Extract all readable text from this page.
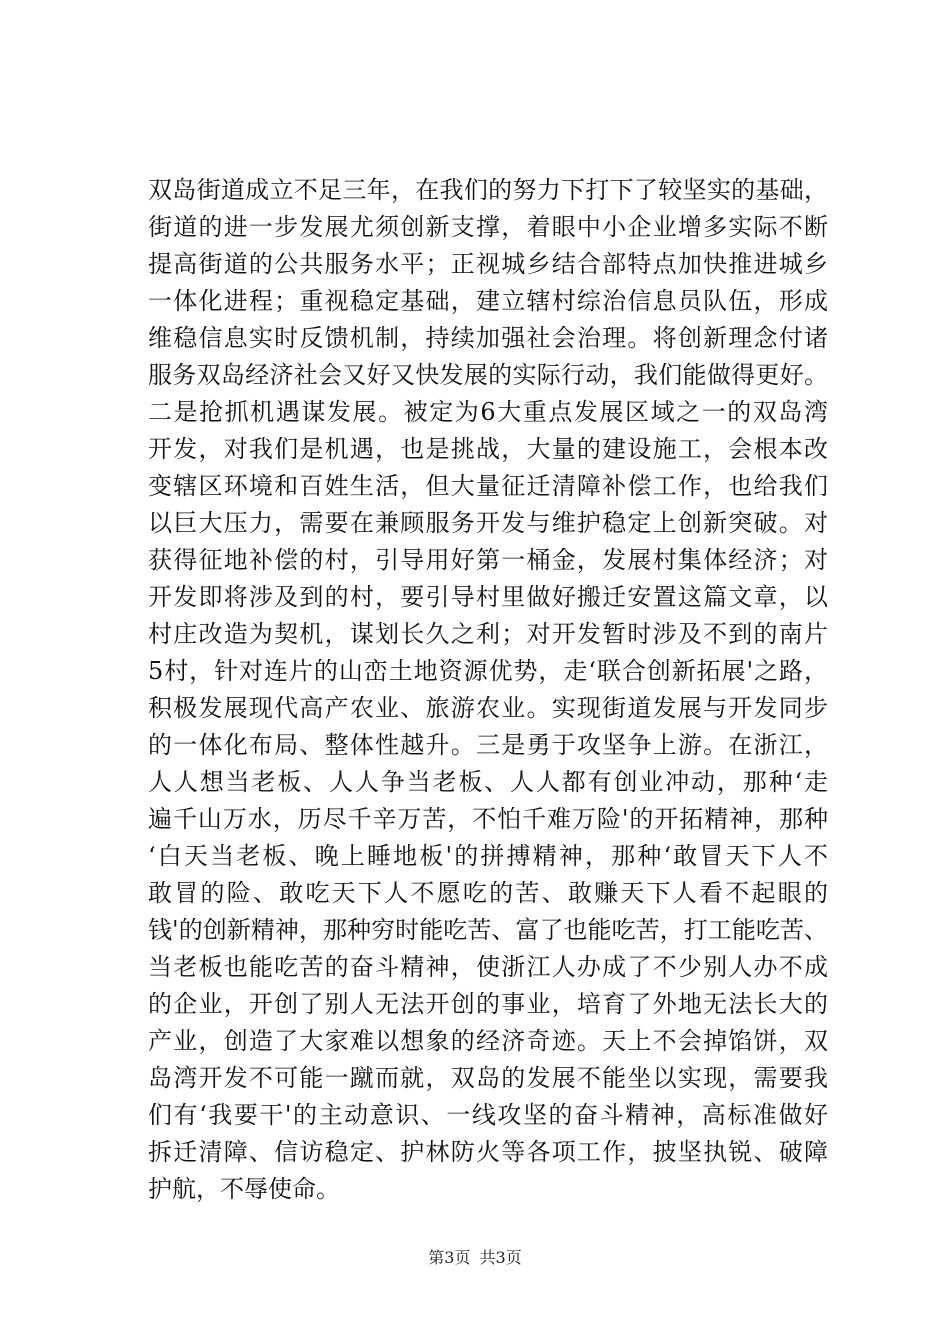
双岛街道成立不足三年，在我们的努力下打下了较坚实的基础，
街道的进一步发展尤须创新支撑，着眼中小企业增多实际不断
提高街道的公共服务水平；正视城乡结合部特点加快推进城乡
一体化进程；重视稳定基础，建立辖村综治信息员队伍，形成
维稳信息实时反馈机制，持续加强社会治理。将创新理念付诸
服务双岛经济社会又好又快发展的实际行动，我们能做得更好。
二是抢抓机遇谋发展。被定为6大重点发展区域之一的双岛湾
开发，对我们是机遇，也是挑战，大量的建设施工，会根本改
变辖区环境和百姓生活，但大量征迁清障补偿工作，也给我们
以巨大压力，需要在兼顾服务开发与维护稳定上创新突破。对
获得征地补偿的村，引导用好第一桶金，发展村集体经济；对
开发即将涉及到的村，要引导村里做好搬迁安置这篇文章，以
村庄改造为契机，谋划长久之利；对开发暂时涉及不到的南片
5村，针对连片的山峦土地资源优势，走‘联合创新拓展'之路，
积极发展现代高产农业、旅游农业。实现街道发展与开发同步
的一体化布局、整体性越升。三是勇于攻坚争上游。在浙江，
人人想当老板、人人争当老板、人人都有创业冲动，那种‘走
遍千山万水，历尽千辛万苦，不怕千难万险'的开拓精神，那种
‘白天当老板、晚上睡地板'的拼搏精神，那种‘敢冒天下人不
敢冒的险、敢吃天下人不愿吃的苦、敢赚天下人看不起眼的
钱'的创新精神，那种穷时能吃苦、富了也能吃苦，打工能吃苦、
当老板也能吃苦的奋斗精神，使浙江人办成了不少别人办不成
的企业，开创了别人无法开创的事业，培育了外地无法长大的
产业，创造了大家难以想象的经济奇迹。天上不会掉馅饼，双
岛湾开发不可能一蹴而就，双岛的发展不能坐以实现，需要我
们有‘我要干'的主动意识、一线攻坚的奋斗精神，高标准做好
拆迁清障、信访稳定、护林防火等各项工作，披坚执锐、破障
护航，不辱使命。
第3页 共3页
